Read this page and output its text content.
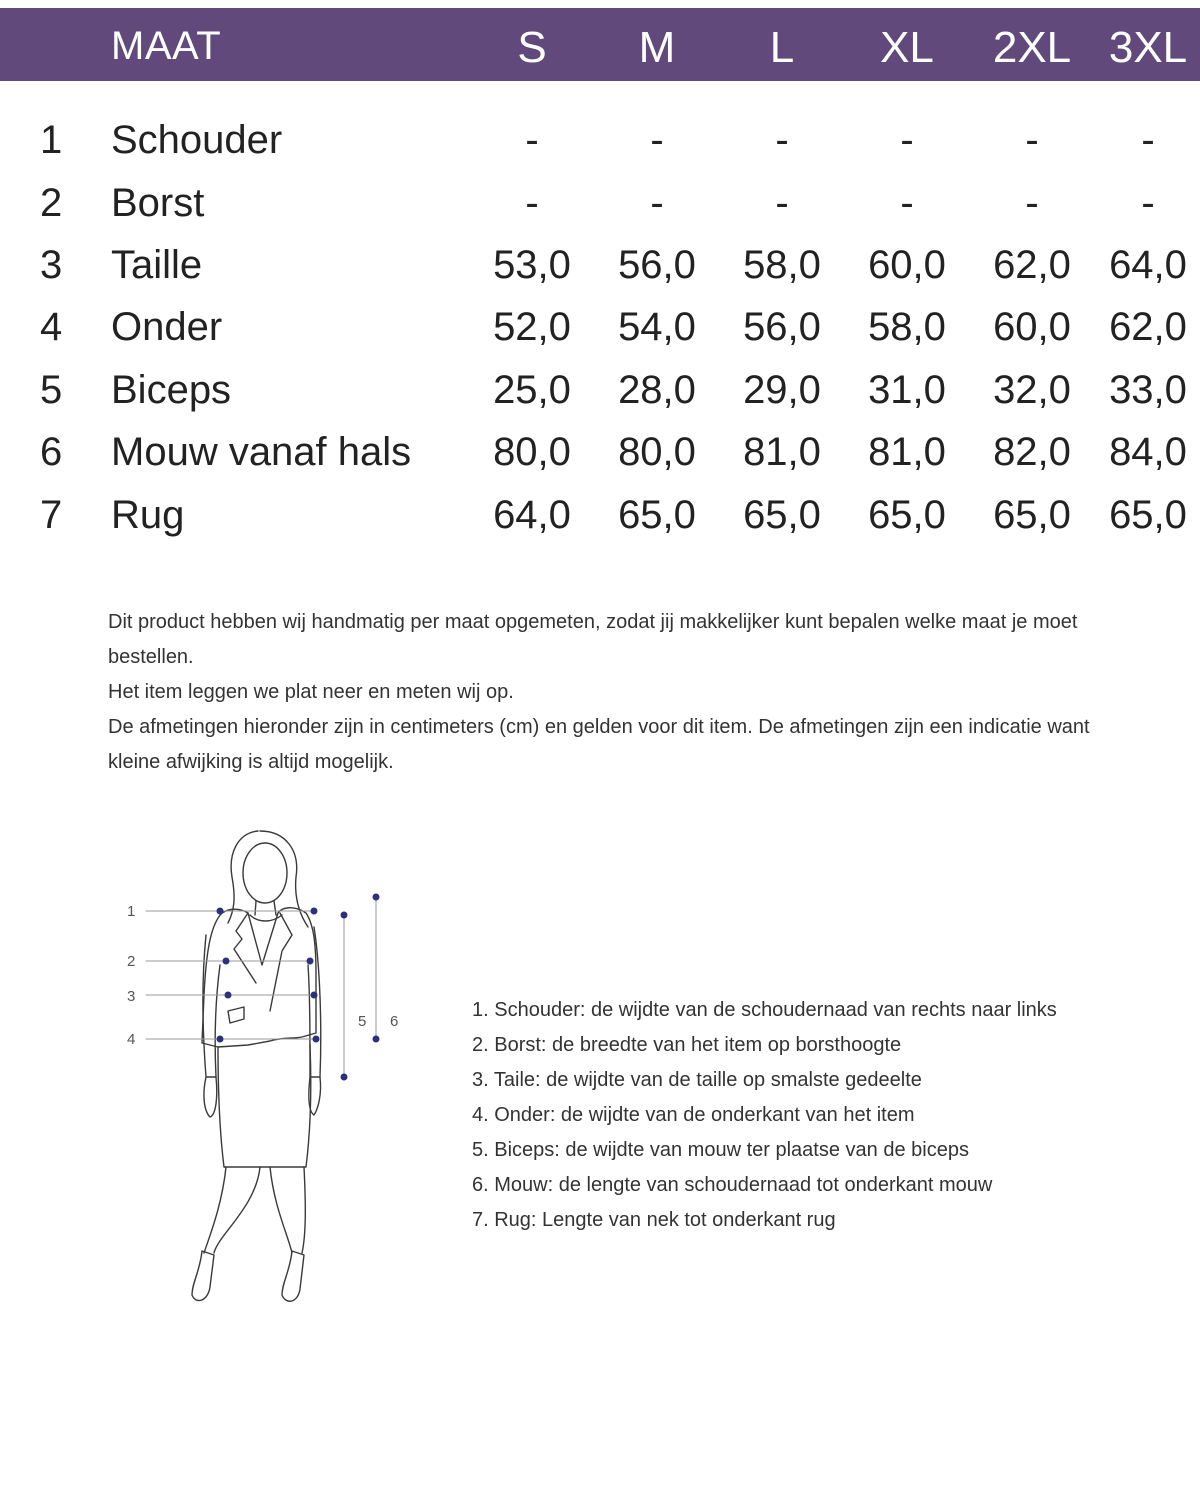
MAAT	S	M	L	XL	2XL 3XL
1 Schouder	-	-	-	-	-	-
2 Borst	-	-	-	-	-	-
3 Taille	53,0	56,0	58,0	60,0	62,0 64,0
4 Onder	52,0	54,0	56,0	58,0	60,0 62,0
5 Biceps	25,0	28,0	29,0	31,0	32,0 33,0
6 Mouw vanaf hals	80,0	80,0	81,0	81,0	82,0 84,0
7 Rug	64,0	65,0	65,0	65,0	65,0 65,0

Dit product hebben wij handmatig per maat opgemeten, zodat jij makkelijker kunt bepalen welke maat je moet bestellen.

Het item leggen we plat neer en meten wij op.

De afmetingen hieronder zijn in centimeters (cm) en gelden voor dit item. De afmetingen zijn een indicatie want kleine afwijking is altijd mogelijk.

1
2
3
4
5 6
1. Schouder: de wijdte van de schoudernaad van rechts naar links
2. Borst: de breedte van het item op borsthoogte
3. Taile: de wijdte van de taille op smalste gedeelte
4. Onder: de wijdte van de onderkant van het item
5. Biceps: de wijdte van mouw ter plaatse van de biceps
6. Mouw: de lengte van schoudernaad tot onderkant mouw
7. Rug: Lengte van nek tot onderkant rug
